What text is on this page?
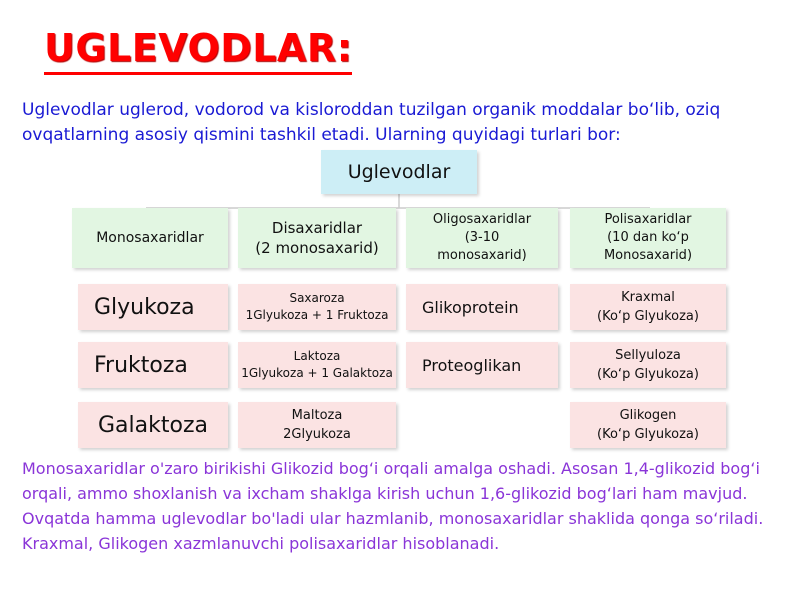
UGLEVODLAR:

Uglevodlar uglerod, vodorod va kisloroddan tuzilgan organik moddalar bo‘lib, oziq ovqatlarning asosiy qismini tashkil etadi. Ularning quyidagi turlari bor:

Uglevodlar
Monosaxaridlar
Disaxaridlar
(2 monosaxarid)
Oligosaxaridlar
(3-10
monosaxarid)
Polisaxaridlar
(10 dan ko‘p
Monosaxarid)
Glyukoza
Fruktoza
Galaktoza
Saxaroza
1Glyukoza + 1 Fruktoza
Laktoza
1Glyukoza + 1 Galaktoza
Maltoza
2Glyukoza
Glikoprotein
Proteoglikan
Kraxmal
(Ko‘p Glyukoza)
Sellyuloza
(Ko‘p Glyukoza)
Glikogen
(Ko‘p Glyukoza)

Monosaxaridlar o'zaro birikishi Glikozid bog‘i orqali amalga oshadi. Asosan 1,4-glikozid bog‘i orqali, ammo shoxlanish va ixcham shaklga kirish uchun 1,6-glikozid bog‘lari ham mavjud. Ovqatda hamma uglevodlar bo'ladi ular hazmlanib, monosaxaridlar shaklida qonga so‘riladi. Kraxmal, Glikogen xazmlanuvchi polisaxaridlar hisoblanadi.
